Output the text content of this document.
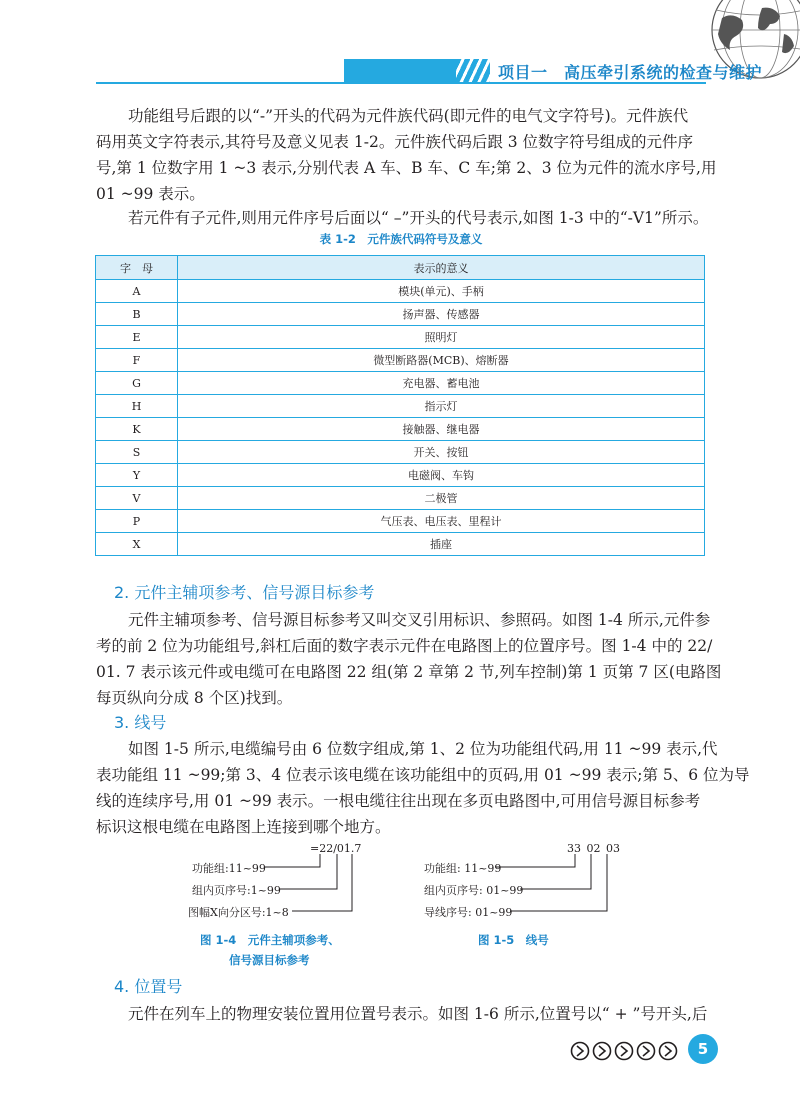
项目一　高压牵引系统的检查与维护
功能组号后跟的以“-”开头的代码为元件族代码(即元件的电气文字符号)。元件族代
码用英文字符表示,其符号及意义见表 1-2。元件族代码后跟 3 位数字符号组成的元件序
号,第 1 位数字用 1 ~3 表示,分别代表 A 车、B 车、C 车;第 2、3 位为元件的流水序号,用
01 ~99 表示。
若元件有子元件,则用元件序号后面以“ –”开头的代号表示,如图 1-3 中的“-V1”所示。
表 1-2　元件族代码符号及意义
字　母	表示的意义
A	模块(单元)、手柄
B	扬声器、传感器
E	照明灯
F	微型断路器(MCB)、熔断器
G	充电器、蓄电池
H	指示灯
K	接触器、继电器
S	开关、按钮
Y	电磁阀、车钩
V	二极管
P	气压表、电压表、里程计
X	插座
2. 元件主辅项参考、信号源目标参考
元件主辅项参考、信号源目标参考又叫交叉引用标识、参照码。如图 1-4 所示,元件参
考的前 2 位为功能组号,斜杠后面的数字表示元件在电路图上的位置序号。图 1-4 中的 22/
01. 7 表示该元件或电缆可在电路图 22 组(第 2 章第 2 节,列车控制)第 1 页第 7 区(电路图
每页纵向分成 8 个区)找到。
3. 线号
如图 1-5 所示,电缆编号由 6 位数字组成,第 1、2 位为功能组代码,用 11 ~99 表示,代
表功能组 11 ~99;第 3、4 位表示该电缆在该功能组中的页码,用 01 ~99 表示;第 5、6 位为导
线的连续序号,用 01 ~99 表示。一根电缆往往出现在多页电路图中,可用信号源目标参考
标识这根电缆在电路图上连接到哪个地方。
=22/01.7
功能组:11~99
组内页序号:1~99
图幅X向分区号:1~8
图 1-4　元件主辅项参考、
信号源目标参考
33 02 03
功能组: 11~99
组内页序号: 01~99
导线序号: 01~99
图 1-5　线号
4. 位置号
元件在列车上的物理安装位置用位置号表示。如图 1-6 所示,位置号以“ + ”号开头,后
5
